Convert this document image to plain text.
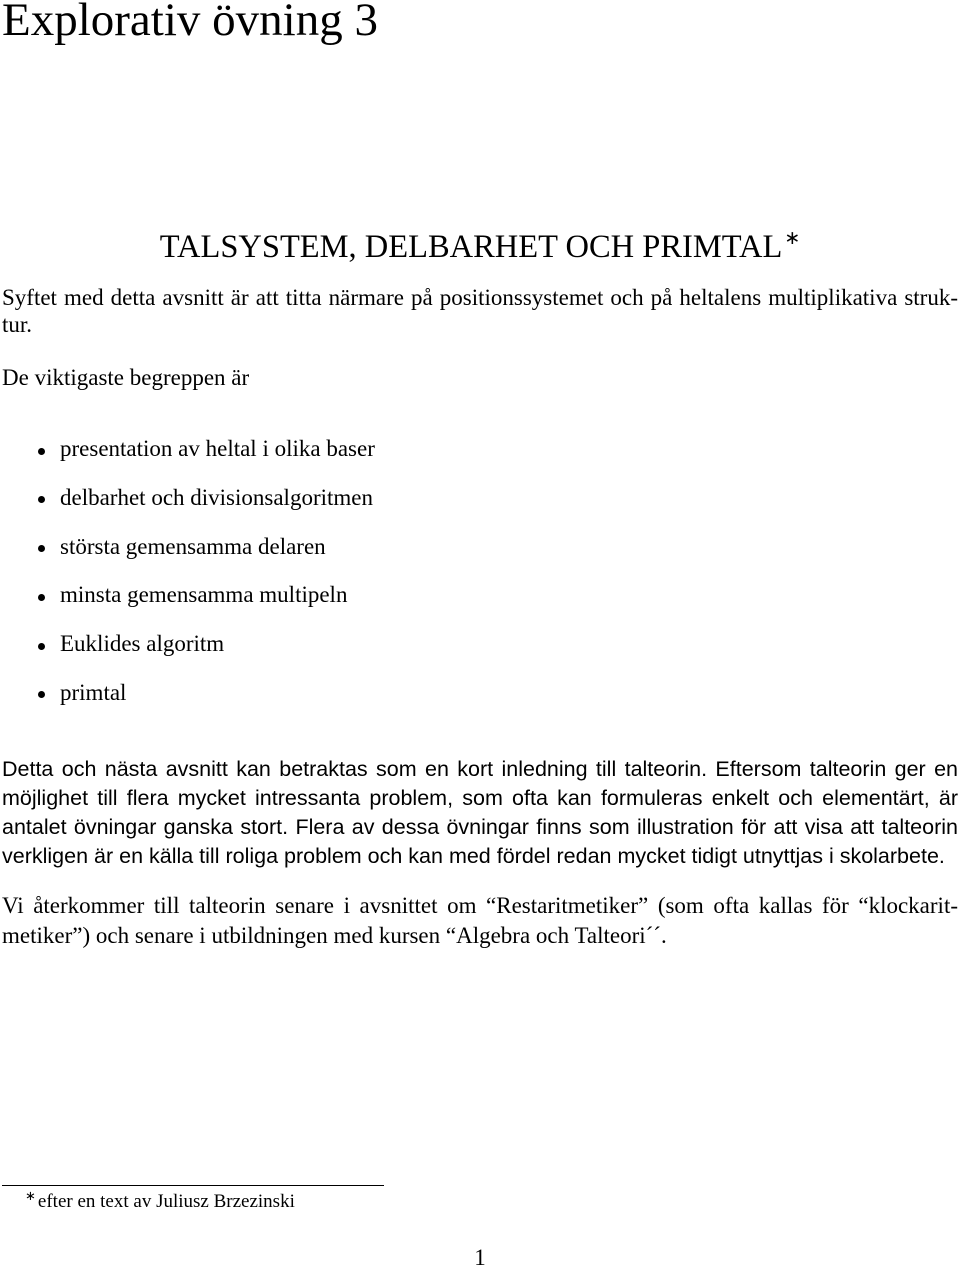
Explorativ övning 3
TALSYSTEM, DELBARHET OCH PRIMTAL ∗
Syftet med detta avsnitt är att titta närmare på positionssystemet och på heltalens multiplikativa struk-
tur.
De viktigaste begreppen är
presentation av heltal i olika baser
delbarhet och divisionsalgoritmen
största gemensamma delaren
minsta gemensamma multipeln
Euklides algoritm
primtal
Detta och nästa avsnitt kan betraktas som en kort inledning till talteorin. Eftersom talteorin ger en
möjlighet till flera mycket intressanta problem, som ofta kan formuleras enkelt och elementärt, är
antalet övningar ganska stort. Flera av dessa övningar finns som illustration för att visa att talteorin
verkligen är en källa till roliga problem och kan med fördel redan mycket tidigt utnyttjas i skolarbete.
Vi återkommer till talteorin senare i avsnittet om “Restaritmetiker” (som ofta kallas för “klockarit-
metiker”) och senare i utbildningen med kursen “Algebra och Talteori´´.
∗ efter en text av Juliusz Brzezinski
1
